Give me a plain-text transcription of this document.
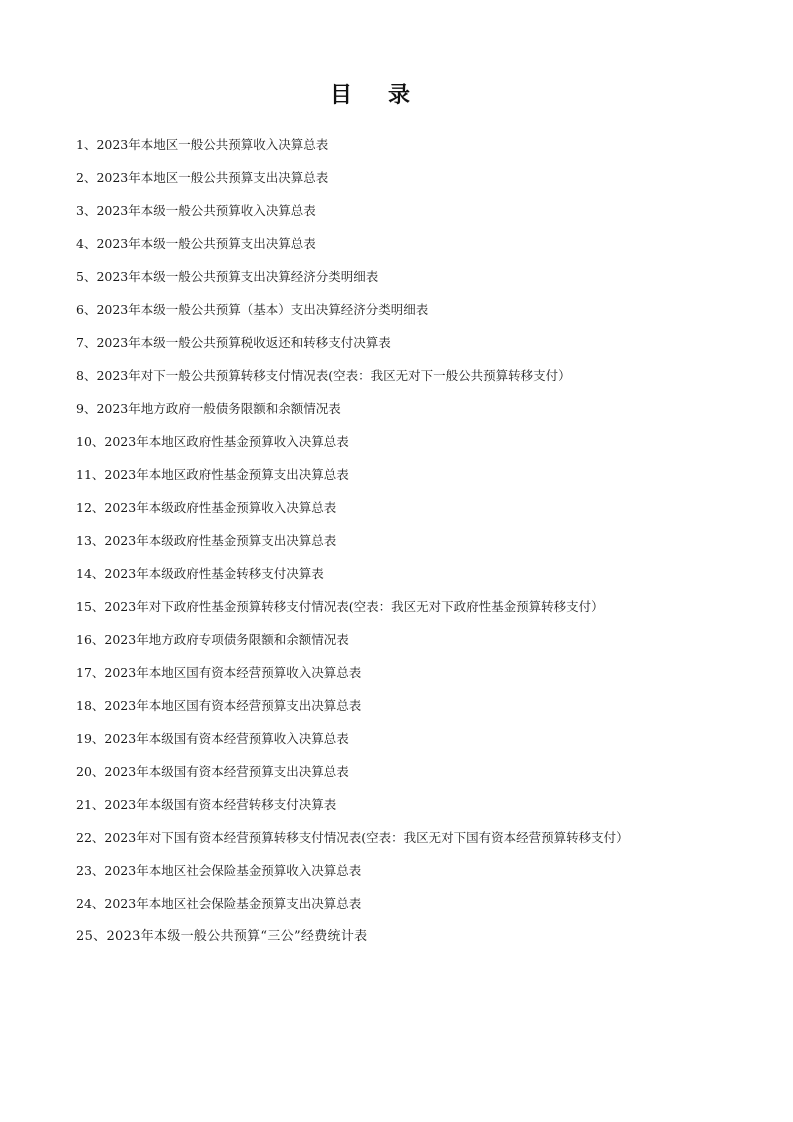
目 录
1、2023年本地区一般公共预算收入决算总表
2、2023年本地区一般公共预算支出决算总表
3、2023年本级一般公共预算收入决算总表
4、2023年本级一般公共预算支出决算总表
5、2023年本级一般公共预算支出决算经济分类明细表
6、2023年本级一般公共预算（基本）支出决算经济分类明细表
7、2023年本级一般公共预算税收返还和转移支付决算表
8、2023年对下一般公共预算转移支付情况表(空表：我区无对下一般公共预算转移支付）
9、2023年地方政府一般债务限额和余额情况表
10、2023年本地区政府性基金预算收入决算总表
11、2023年本地区政府性基金预算支出决算总表
12、2023年本级政府性基金预算收入决算总表
13、2023年本级政府性基金预算支出决算总表
14、2023年本级政府性基金转移支付决算表
15、2023年对下政府性基金预算转移支付情况表(空表：我区无对下政府性基金预算转移支付）
16、2023年地方政府专项债务限额和余额情况表
17、2023年本地区国有资本经营预算收入决算总表
18、2023年本地区国有资本经营预算支出决算总表
19、2023年本级国有资本经营预算收入决算总表
20、2023年本级国有资本经营预算支出决算总表
21、2023年本级国有资本经营转移支付决算表
22、2023年对下国有资本经营预算转移支付情况表(空表：我区无对下国有资本经营预算转移支付）
23、2023年本地区社会保险基金预算收入决算总表
24、2023年本地区社会保险基金预算支出决算总表
25、2023年本级一般公共预算“三公”经费统计表
